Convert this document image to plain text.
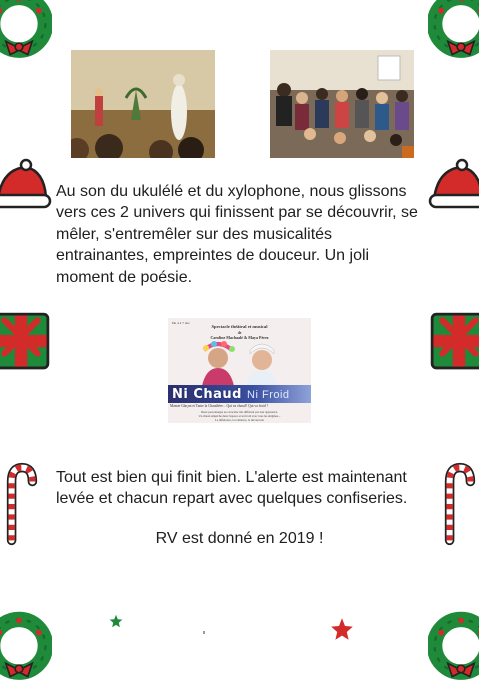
Au son du ukulélé et du xylophone, nous glissons vers ces 2 univers qui finissent par se découvrir, se mêler, s'entremêler sur des musicalités entrainantes, empreintes de douceur. Un joli moment de poésie.
Du 4 à 7 ans
Spectacle théâtral et musical
de
Caroline Machaalé & Maya Pérez
Ni Chaud Ni Froid
Mamie Glaçon et Tante la Chaudière... Qui va chaud? Qui va froid ?
Deux personnages au caractère très différent par leur apparence.
Un chaud empêche dans l'espace et un froid avec tous les énigmes...
La différence, la tolérance, la découverte
Tout est bien qui finit bien. L'alerte est maintenant levée et chacun repart avec quelques confiseries.
RV est donné en 2019 !
